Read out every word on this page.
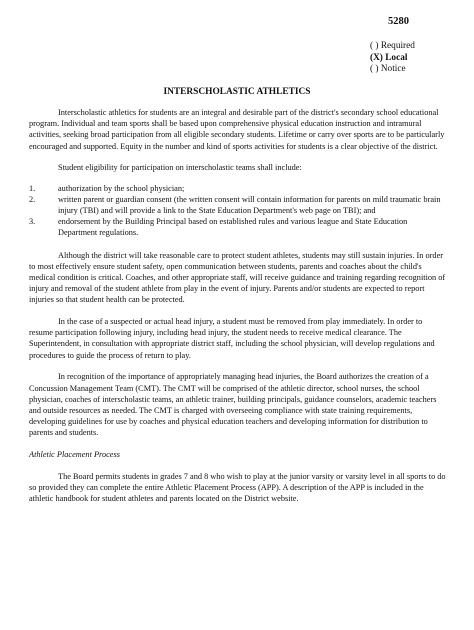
5280
( ) Required
(X) Local
( ) Notice
INTERSCHOLASTIC ATHLETICS

Interscholastic athletics for students are an integral and desirable part of the district's secondary school educational program. Individual and team sports shall be based upon comprehensive physical education instruction and intramural activities, seeking broad participation from all eligible secondary students. Lifetime or carry over sports are to be particularly encouraged and supported. Equity in the number and kind of sports activities for students is a clear objective of the district.

Student eligibility for participation on interscholastic teams shall include:

1.	authorization by the school physician;
2.	written parent or guardian consent (the written consent will contain information for parents on mild traumatic brain injury (TBI) and will provide a link to the State Education Department's web page on TBI); and
3.	endorsement by the Building Principal based on established rules and various league and State Education Department regulations.

Although the district will take reasonable care to protect student athletes, students may still sustain injuries. In order to most effectively ensure student safety, open communication between students, parents and coaches about the child's medical condition is critical. Coaches, and other appropriate staff, will receive guidance and training regarding recognition of injury and removal of the student athlete from play in the event of injury. Parents and/or students are expected to report injuries so that student health can be protected.

In the case of a suspected or actual head injury, a student must be removed from play immediately. In order to resume participation following injury, including head injury, the student needs to receive medical clearance. The Superintendent, in consultation with appropriate district staff, including the school physician, will develop regulations and procedures to guide the process of return to play.

In recognition of the importance of appropriately managing head injuries, the Board authorizes the creation of a Concussion Management Team (CMT). The CMT will be comprised of the athletic director, school nurses, the school physician, coaches of interscholastic teams, an athletic trainer, building principals, guidance counselors, academic teachers and outside resources as needed. The CMT is charged with overseeing compliance with state training requirements, developing guidelines for use by coaches and physical education teachers and developing information for distribution to parents and students.

Athletic Placement Process

The Board permits students in grades 7 and 8 who wish to play at the junior varsity or varsity level in all sports to do so provided they can complete the entire Athletic Placement Process (APP). A description of the APP is included in the athletic handbook for student athletes and parents located on the District website.
